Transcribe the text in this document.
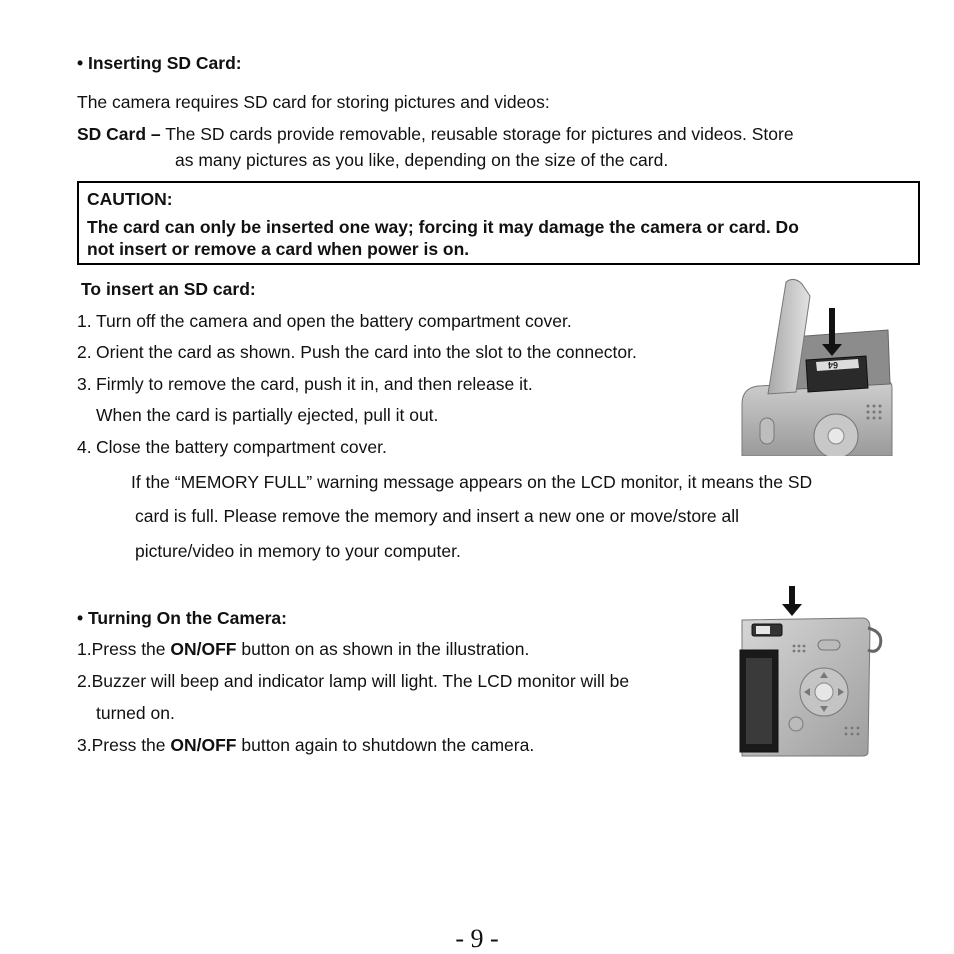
• Inserting SD Card:
The camera requires SD card for storing pictures and videos:
SD Card – The SD cards provide removable, reusable storage for pictures and videos. Store
as many pictures as you like, depending on the size of the card.
CAUTION:
The card can only be inserted one way; forcing it may damage the camera or card. Do
not insert or remove a card when power is on.
To insert an SD card:
1. Turn off the camera and open the battery compartment cover.
2. Orient the card as shown. Push the card into the slot to the connector.
3. Firmly to remove the card, push it in, and then release it.
When the card is partially ejected, pull it out.
4. Close the battery compartment cover.
If the “MEMORY FULL” warning message appears on the LCD monitor, it means the SD
card is full. Please remove the memory and insert a new one or move/store all
picture/video in memory to your computer.
64
• Turning On the Camera:
1.Press the ON/OFF button on as shown in the illustration.
2.Buzzer will beep and indicator lamp will light. The LCD monitor will be
turned on.
3.Press the ON/OFF button again to shutdown the camera.
- 9 -
